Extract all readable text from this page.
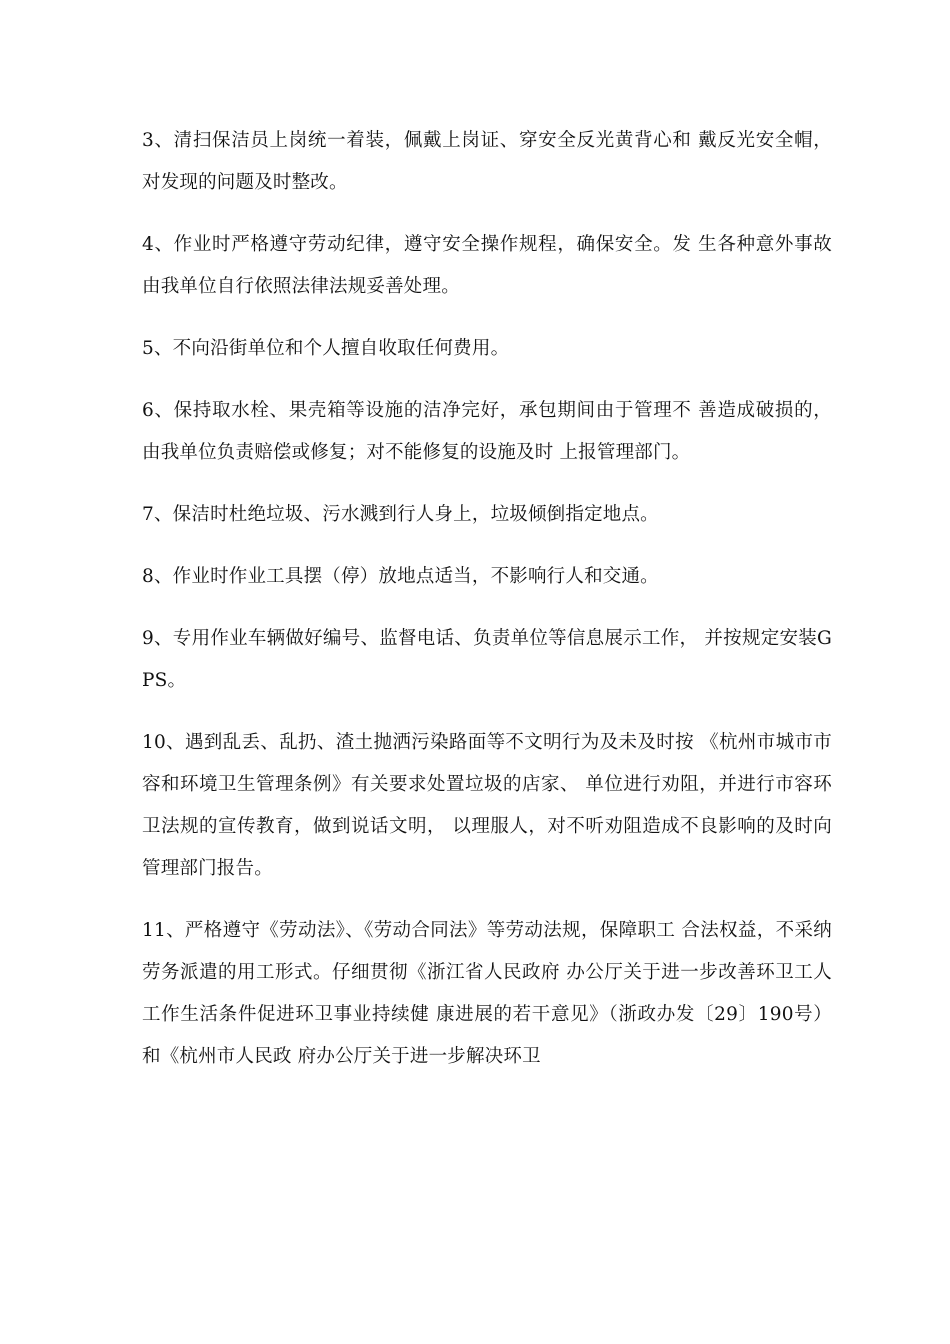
3、清扫保洁员上岗统一着装，佩戴上岗证、穿安全反光黄背心和 戴反光安全帽，对发现的问题及时整改。

4、作业时严格遵守劳动纪律，遵守安全操作规程，确保安全。发 生各种意外事故由我单位自行依照法律法规妥善处理。

5、不向沿街单位和个人擅自收取任何费用。

6、保持取水栓、果壳箱等设施的洁净完好，承包期间由于管理不 善造成破损的，由我单位负责赔偿或修复；对不能修复的设施及时 上报管理部门。

7、保洁时杜绝垃圾、污水溅到行人身上，垃圾倾倒指定地点。

8、作业时作业工具摆（停）放地点适当，不影响行人和交通。

9、专用作业车辆做好编号、监督电话、负责单位等信息展示工作， 并按规定安装GPS。

10、遇到乱丢、乱扔、渣土抛洒污染路面等不文明行为及未及时按 《杭州市城市市容和环境卫生管理条例》有关要求处置垃圾的店家、 单位进行劝阻，并进行市容环卫法规的宣传教育，做到说话文明， 以理服人，对不听劝阻造成不良影响的及时向管理部门报告。

11、严格遵守《劳动法》、《劳动合同法》等劳动法规，保障职工 合法权益，不采纳劳务派遣的用工形式。仔细贯彻《浙江省人民政府 办公厅关于进一步改善环卫工人工作生活条件促进环卫事业持续健 康进展的若干意见》（浙政办发〔29〕190号）和《杭州市人民政 府办公厅关于进一步解决环卫
